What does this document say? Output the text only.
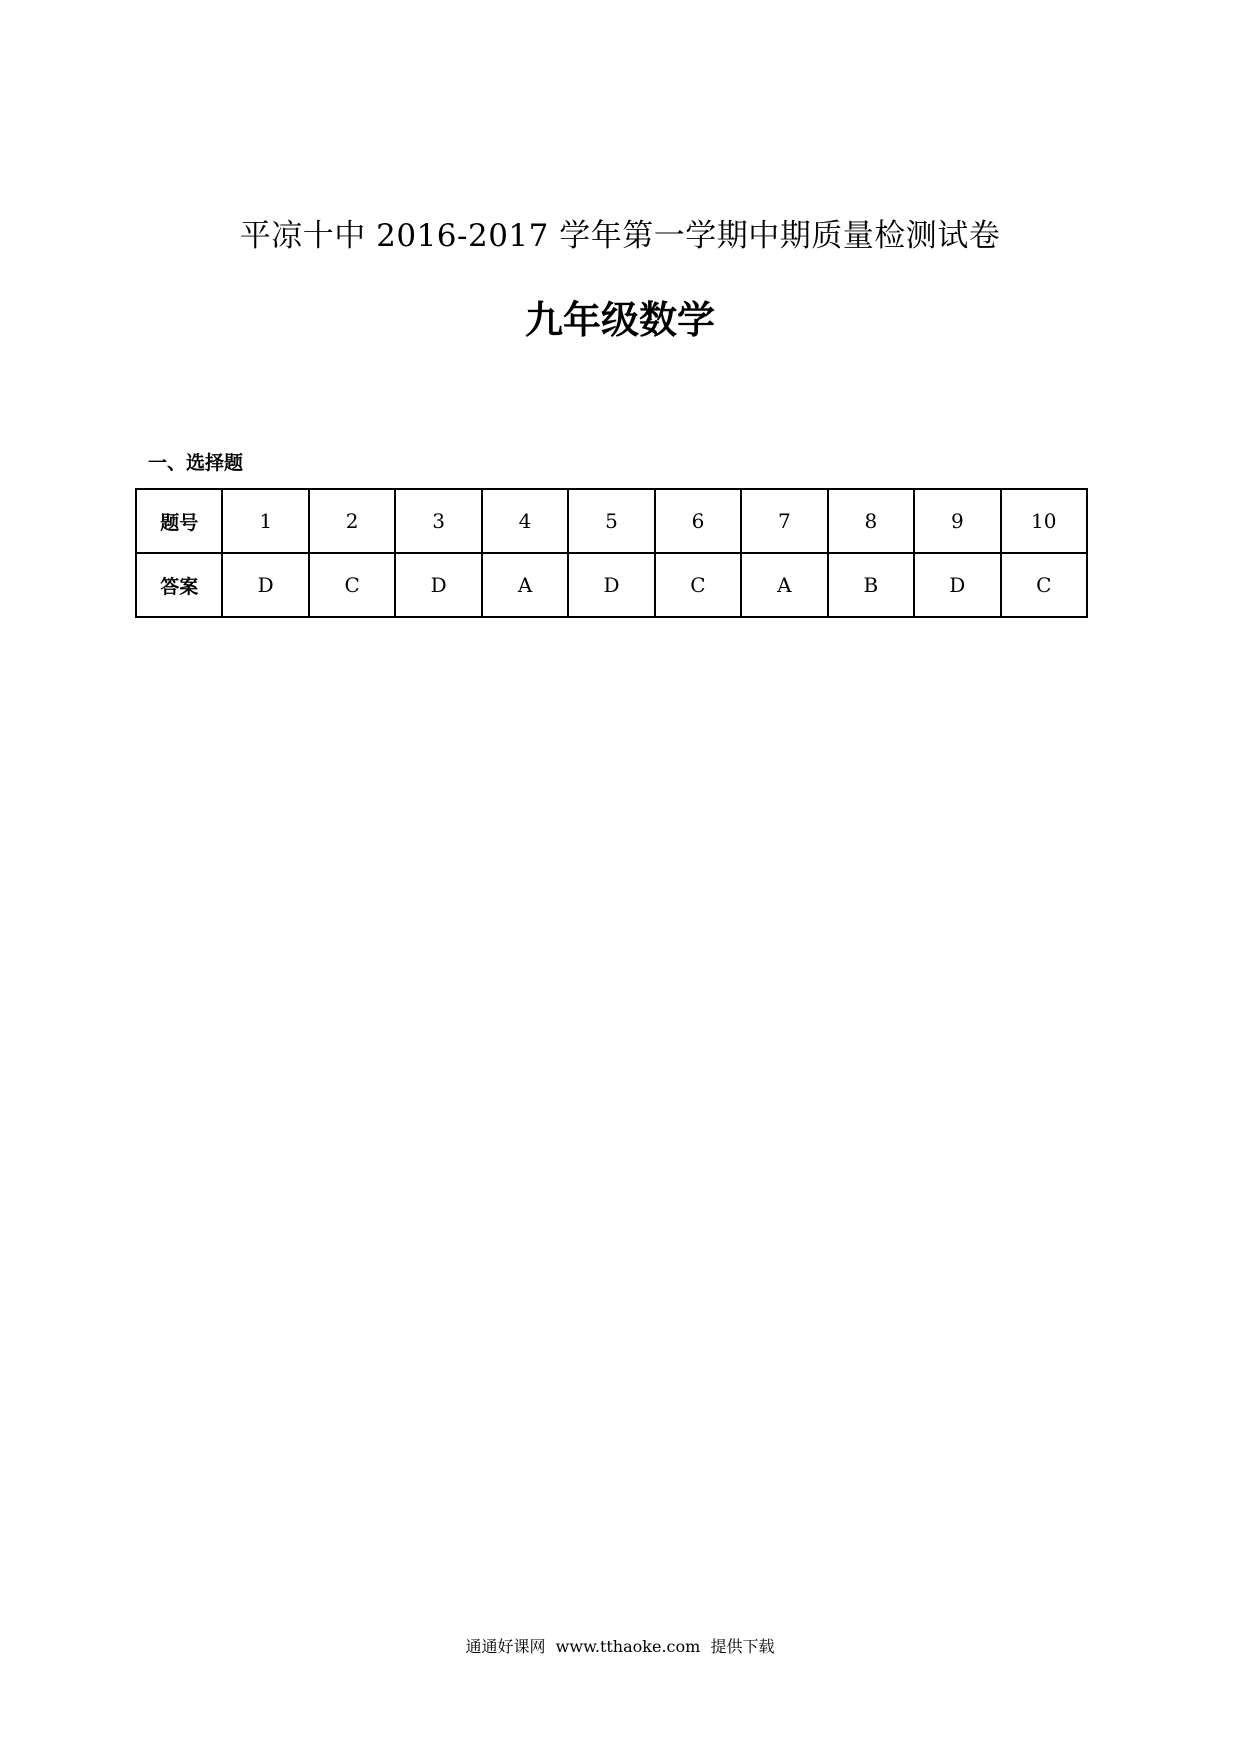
平凉十中 2016-2017 学年第一学期中期质量检测试卷
九年级数学
一、选择题
题号	1	2	3	4	5	6	7	8	9	10
答案	D	C	D	A	D	C	A	B	D	C
通通好课网  www.tthaoke.com  提供下载
